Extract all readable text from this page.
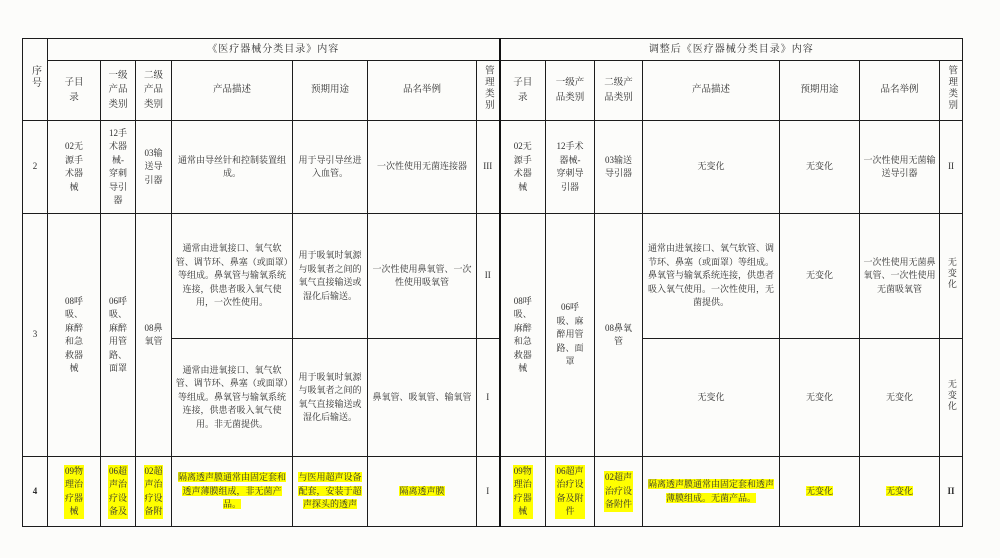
序号	《医疗器械分类目录》内容							调整后《医疗器械分类目录》内容						
	子目录	一级产品类别	二级产品类别	产品描述	预期用途	品名举例	管理类别	子目录	一级产品类别	二级产品类别	产品描述	预期用途	品名举例	管理类别
2	02无源手术器械	12手术器械-穿刺导引器	03输送导引器	通常由导丝针和控制装置组成。	用于导引导丝进入血管。	一次性使用无菌连接器	III	02无源手术器械	12手术器械-穿刺导引器	03输送导引器	无变化	无变化	一次性使用无菌输送导引器	II
3	08呼吸、麻醉和急救器械	06呼吸、麻醉用管路、面罩	08鼻氧管	通常由进氧接口、氧气软管、调节环、鼻塞（或面罩）等组成。鼻氧管与输氧系统连接，供患者吸入氧气使用，一次性使用。	用于吸氧时氧源与吸氧者之间的氧气直接输送或湿化后输送。	一次性使用鼻氧管、一次性使用吸氧管	II	08呼吸、麻醉和急救器械	06呼吸、麻醉用管路、面罩	08鼻氧管	通常由进氧接口、氧气软管、调节环、鼻塞（或面罩）等组成。鼻氧管与输氧系统连接，供患者吸入氧气使用。一次性使用，无菌提供。	无变化	一次性使用无菌鼻氧管、一次性使用无菌吸氧管	无变化
				通常由进氧接口、氧气软管、调节环、鼻塞（或面罩）等组成。鼻氧管与输氧系统连接，供患者吸入氧气使用。非无菌提供。	用于吸氧时氧源与吸氧者之间的氧气直接输送或湿化后输送。	鼻氧管、吸氧管、输氧管	I				无变化	无变化	无变化	无变化
4	09物理治疗器械	06超声治疗设备及	02超声治疗设备附	隔离透声膜通常由固定套和透声薄膜组成，非无菌产品。	与医用超声设备配套，安装于超声探头的透声	隔离透声膜	I	09物理治疗器械	06超声治疗设备及附件	02超声治疗设备附件	隔离透声膜通常由固定套和透声薄膜组成。无菌产品。	无变化	无变化	II
